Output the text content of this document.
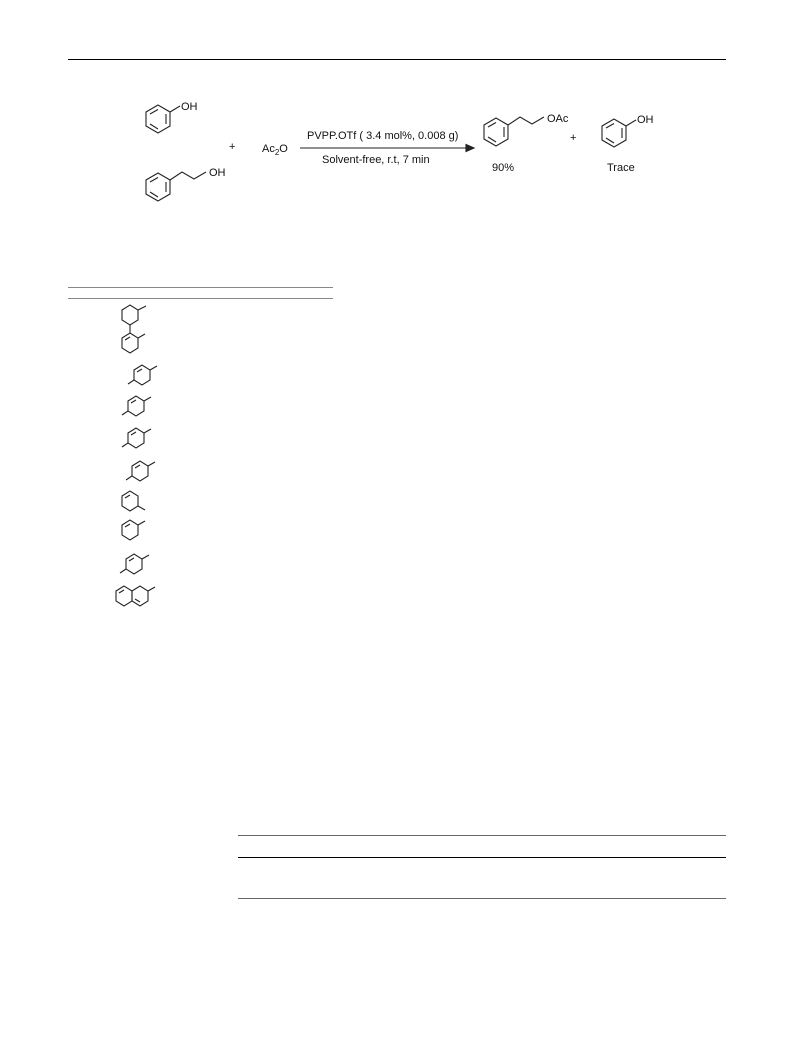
OH
OH
+ $Ac_2O$
PVPP.OTf ( 3.4 mol%, 0.008 g)
Solvent-free, r.t, 7 min
OAc
90%
+
OH
Trace
